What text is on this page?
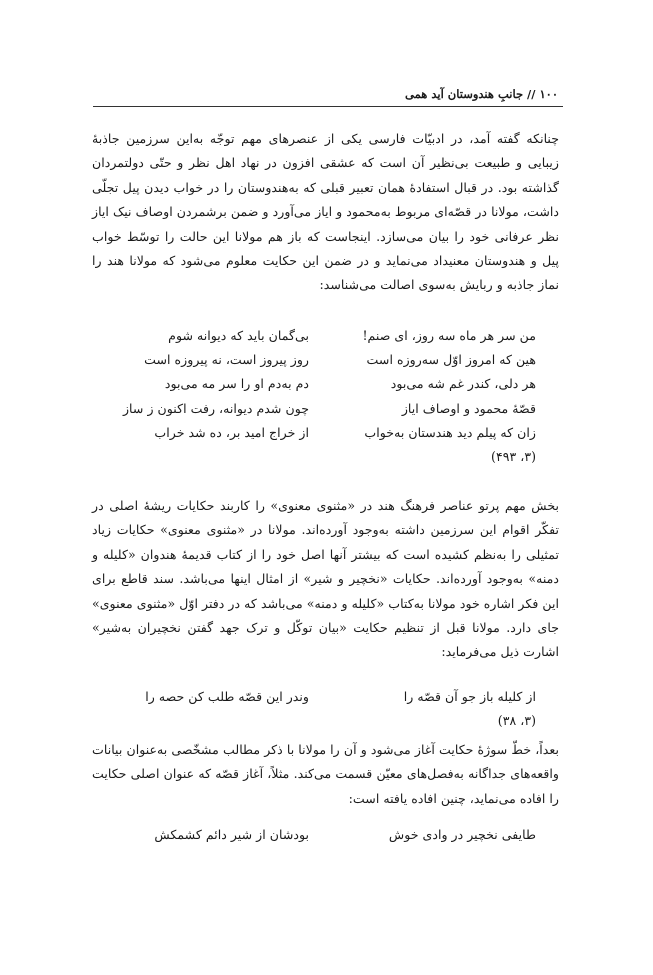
۱۰۰ // جانبِ هندوستان آید همی

چنانکه گفته آمد، در ادبیّات فارسی یکی از عنصرهای مهم توجّه به‌این سرزمین جاذبهٔ زیبایی و طبیعت بی‌نظیر آن است که عشقی افزون در نهاد اهل نظر و حتّی دولتمردان گذاشته بود. در قبال استفادهٔ همان تعبیر قبلی که به‌هندوستان را در خواب دیدن پیل تجلّی داشت، مولانا در قصّه‌ای مربوط به‌محمود و ایاز می‌آورد و ضمن برشمردن اوصاف نیک ایاز نظر عرفانی خود را بیان می‌سازد. اینجاست که باز هم مولانا این حالت را توسّط خواب پیل و هندوستان معنیداد می‌نماید و در ضمن این حکایت معلوم می‌شود که مولانا هند را نماز جاذبه و ربایش به‌سوی اصالت می‌شناسد:

من سر هر ماه سه روز، ای صنم!
بی‌گمان باید که دیوانه شوم
هین که امروز اوّل سه‌روزه است
روز پیروز است، نه پیروزه است
هر دلی، کندر غم شه می‌بود
دم به‌دم او را سر مه می‌بود
قصّهٔ محمود و اوصاف ایاز
چون شدم دیوانه، رفت اکنون ز ساز
زان که پیلم دید هندستان به‌خواب
از خراج امید بر، ده شد خراب
(۳، ۴۹۳)

بخش مهم پرتو عناصر فرهنگ هند در «مثنوی معنوی» را کاربند حکایات ریشهٔ اصلی در تفکّر اقوام این سرزمین داشته به‌وجود آورده‌اند. مولانا در «مثنوی معنوی» حکایات زیاد تمثیلی را به‌نظم کشیده است که بیشتر آنها اصل خود را از کتاب قدیمهٔ هندوان «کلیله و دمنه» به‌وجود آورده‌اند. حکایات «نخچیر و شیر» از امثال اینها می‌باشد. سند قاطع برای این فکر اشاره خود مولانا به‌کتاب «کلیله و دمنه» می‌باشد که در دفتر اوّل «مثنوی معنوی» جای دارد. مولانا قبل از تنظیم حکایت «بیان توکّل و ترک جهد گفتن نخچیران به‌شیر» اشارت ذیل می‌فرماید:

از کلیله باز جو آن قصّه را
وندر این قصّه طلب کن حصه را
(۳، ۳۸)

بعداً، خطّ سوژهٔ حکایت آغاز می‌شود و آن را مولانا با ذکر مطالب مشخّصی به‌عنوان بیانات واقعه‌های جداگانه به‌فصل‌های معیّن قسمت می‌کند. مثلاً، آغاز قصّه که عنوان اصلی حکایت را افاده می‌نماید، چنین افاده یافته است:

طایفی نخچیر در وادی خوش
بودشان از شیر دائم کشمکش
